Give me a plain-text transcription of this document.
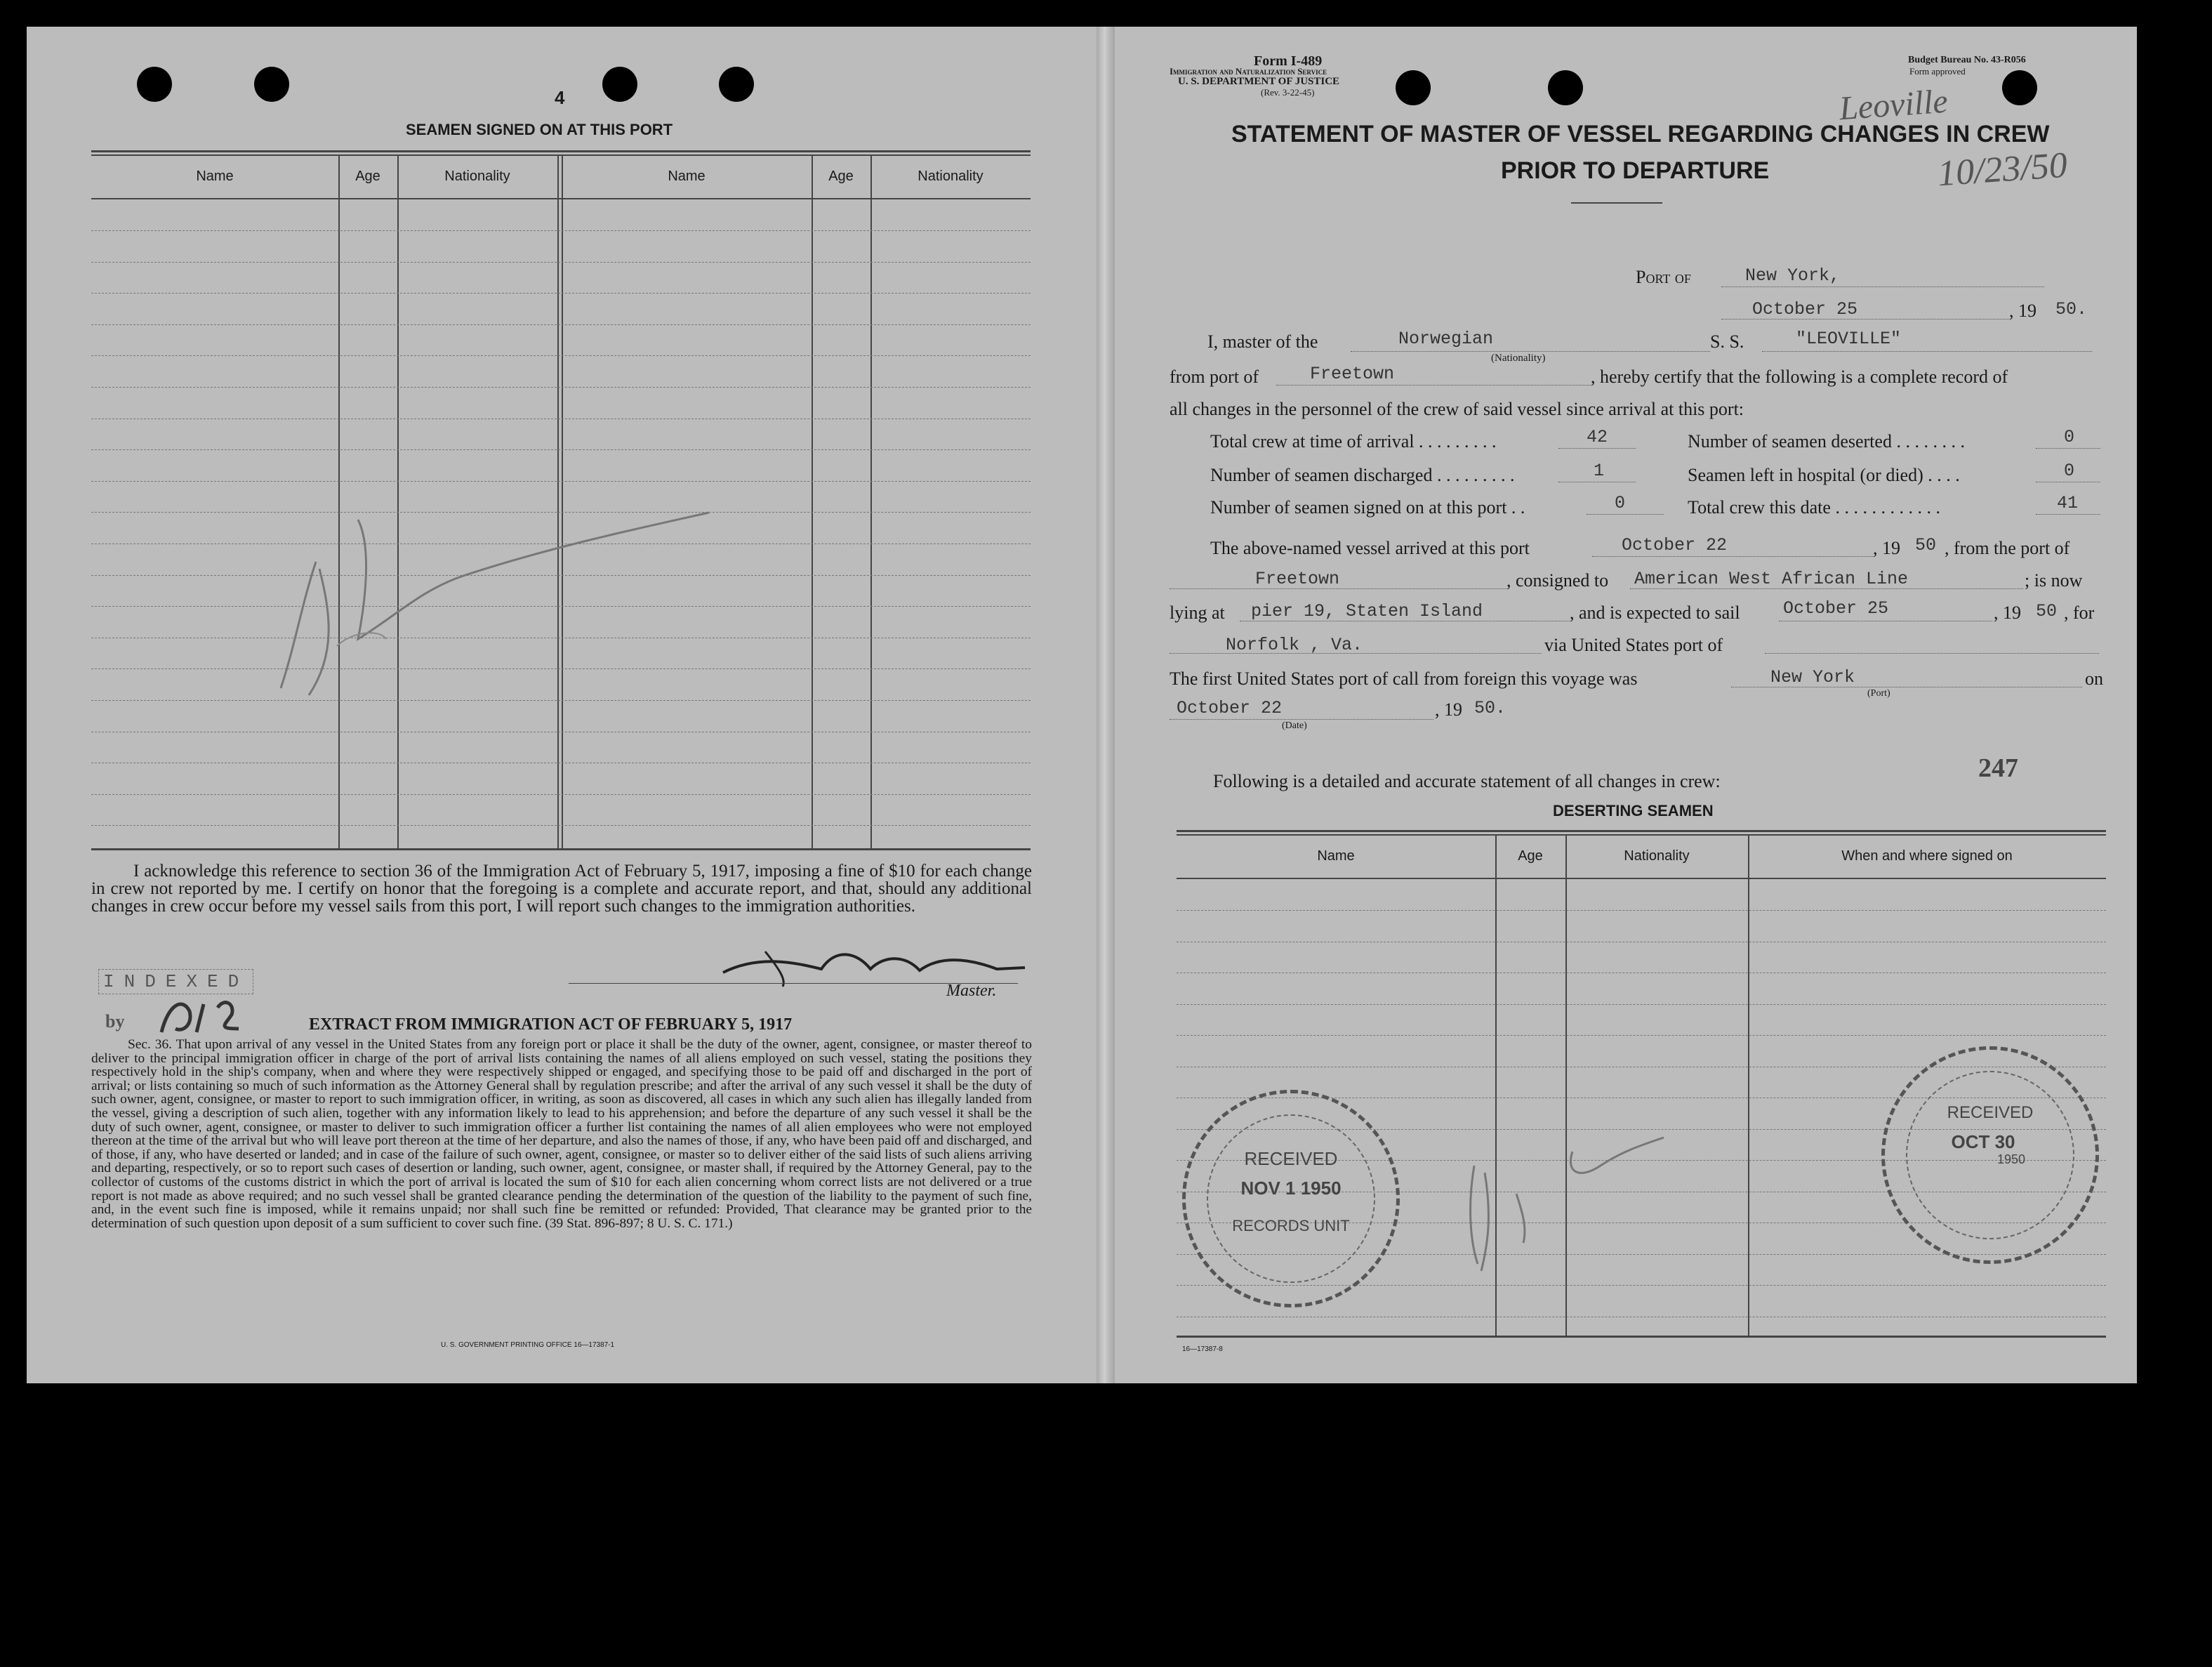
4
SEAMEN SIGNED ON AT THIS PORT
Name	Age	Nationality	Name	Age	Nationality
I acknowledge this reference to section 36 of the Immigration Act of February 5, 1917, imposing a fine of $10 for each change in crew not reported by me. I certify on honor that the foregoing is a complete and accurate report, and that, should any additional changes in crew occur before my vessel sails from this port, I will report such changes to the immigration authorities.
Master.
INDEXED
by	EXTRACT FROM IMMIGRATION ACT OF FEBRUARY 5, 1917
Sec. 36. That upon arrival of any vessel in the United States from any foreign port or place it shall be the duty of the owner, agent, consignee, or master thereof to deliver to the principal immigration officer in charge of the port of arrival lists containing the names of all aliens employed on such vessel, stating the positions they respectively hold in the ship's company, when and where they were respectively shipped or engaged, and specifying those to be paid off and discharged in the port of arrival; or lists containing so much of such information as the Attorney General shall by regulation prescribe; and after the arrival of any such vessel it shall be the duty of such owner, agent, consignee, or master to report to such immigration officer, in writing, as soon as discovered, all cases in which any such alien has illegally landed from the vessel, giving a description of such alien, together with any information likely to lead to his apprehension; and before the departure of any such vessel it shall be the duty of such owner, agent, consignee, or master to deliver to such immigration officer a further list containing the names of all alien employees who were not employed thereon at the time of the arrival but who will leave port thereon at the time of her departure, and also the names of those, if any, who have been paid off and discharged, and of those, if any, who have deserted or landed; and in case of the failure of such owner, agent, consignee, or master so to deliver either of the said lists of such aliens arriving and departing, respectively, or so to report such cases of desertion or landing, such owner, agent, consignee, or master shall, if required by the Attorney General, pay to the collector of customs of the customs district in which the port of arrival is located the sum of $10 for each alien concerning whom correct lists are not delivered or a true report is not made as above required; and no such vessel shall be granted clearance pending the determination of the question of the liability to the payment of such fine, and, in the event such fine is imposed, while it remains unpaid; nor shall such fine be remitted or refunded: Provided, That clearance may be granted prior to the determination of such question upon deposit of a sum sufficient to cover such fine. (39 Stat. 896-897; 8 U. S. C. 171.)
U. S. GOVERNMENT PRINTING OFFICE 16—17387-1
Form I-489
Immigration and Naturalization Service
U. S. DEPARTMENT OF JUSTICE
(Rev. 3-22-45)
Budget Bureau No. 43-R056
Form approved
Leoville
10/23/50
STATEMENT OF MASTER OF VESSEL REGARDING CHANGES IN CREW
PRIOR TO DEPARTURE
Port of	New York,
October 25	, 19 50.
I, master of the	Norwegian
(Nationality)
S. S.	"LEOVILLE"
from port of	Freetown	, hereby certify that the following is a complete record of
all changes in the personnel of the crew of said vessel since arrival at this port:
Total crew at time of arrival . . . . . . . . .	42	Number of seamen deserted . . . . . . . .	0
Number of seamen discharged . . . . . . . . .	1	Seamen left in hospital (or died) . . . .	0
Number of seamen signed on at this port . .	0	Total crew this date . . . . . . . . . . . .	41
The above-named vessel arrived at this port	October 22	, 19 50 , from the port of
Freetown	, consigned to American West African Line	; is now
lying at pier 19, Staten Island	, and is expected to sail October 25	, 19 50 , for
Norfolk , Va.	via United States port of
The first United States port of call from foreign this voyage was	New York
(Port)
on
October 22
(Date)
, 19 50.
247
Following is a detailed and accurate statement of all changes in crew:
DESERTING SEAMEN
Name	Age	Nationality	When and where signed on
RECEIVED
NOV 1 1950
RECORDS UNIT
RECEIVED
OCT 30
1950
16—17387-8
